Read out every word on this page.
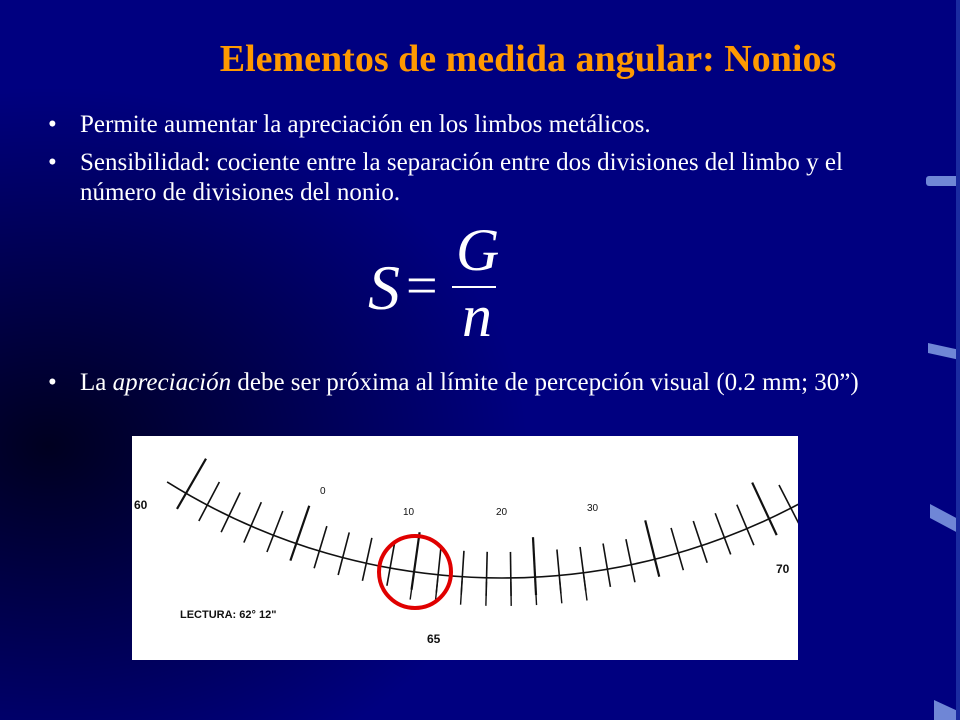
Elementos de medida angular: Nonios
• Permite aumentar la apreciación en los limbos metálicos.
• Sensibilidad: cociente entre la separación entre dos divisiones del limbo y el número de divisiones del nonio.
S =
G
n
• La apreciación debe ser próxima al límite de percepción visual (0.2 mm; 30”)
60
70
65
0
10	20	30
LECTURA: 62° 12"
